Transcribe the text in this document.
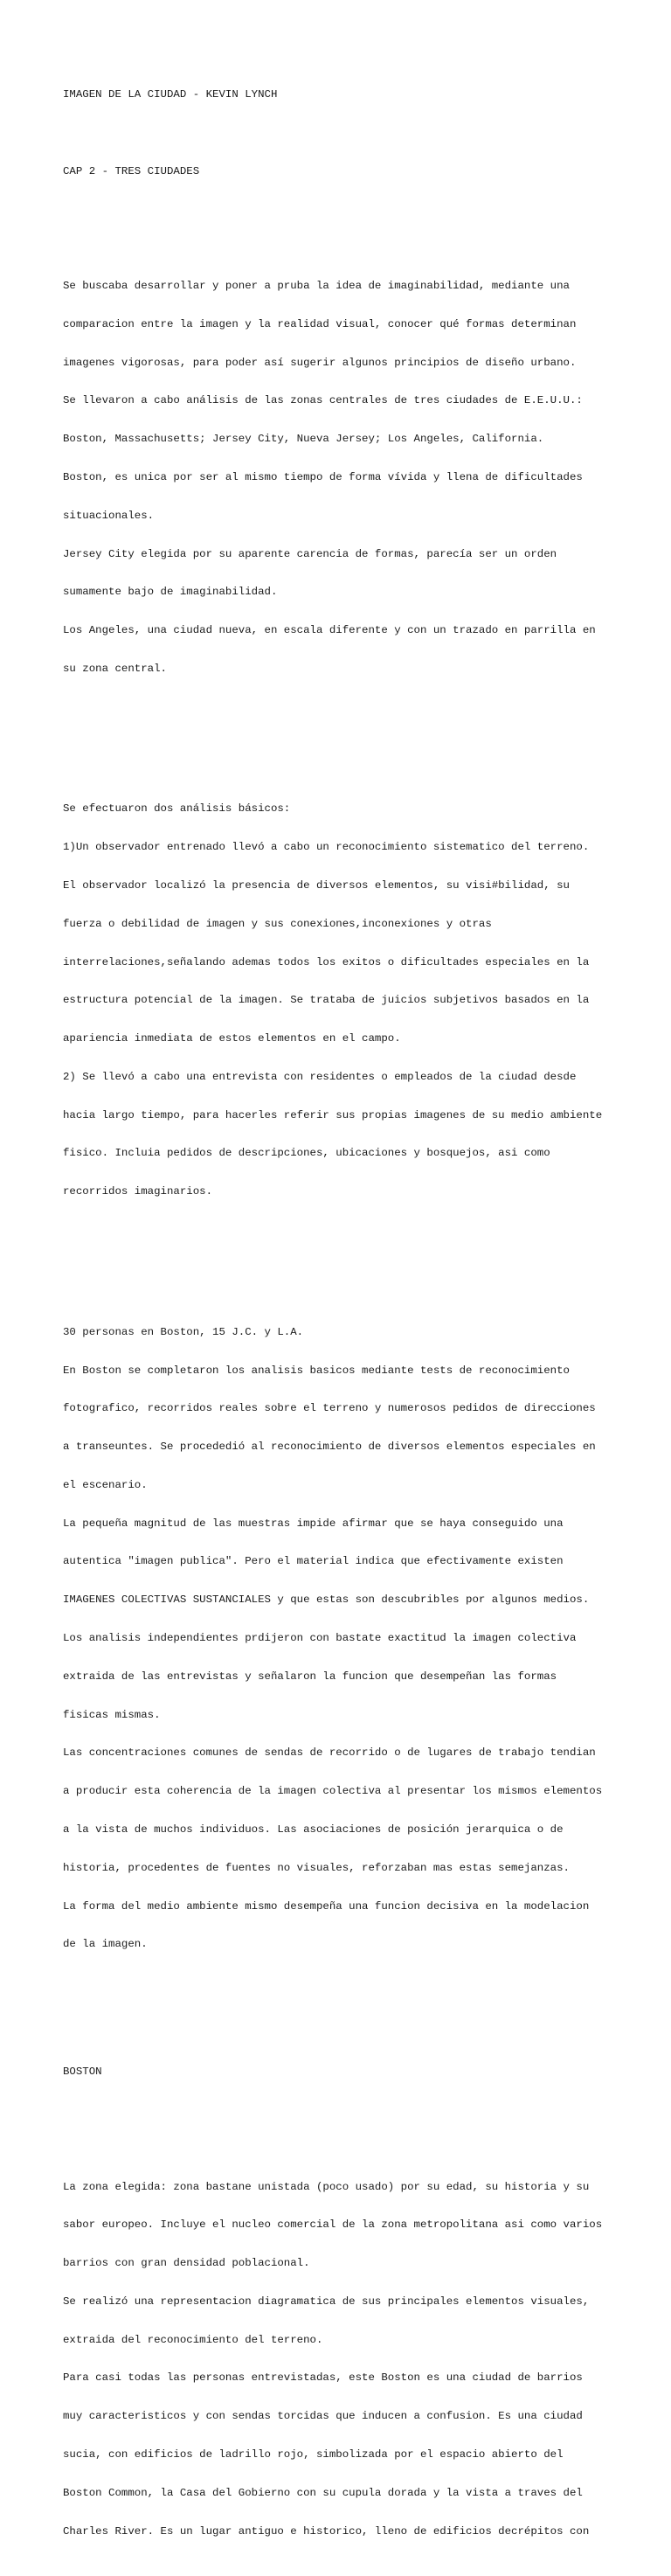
IMAGEN DE LA CIUDAD - KEVIN LYNCH

CAP 2 - TRES CIUDADES

Se buscaba desarrollar y poner a pruba la idea de imaginabilidad, mediante una

comparacion entre la imagen y la realidad visual, conocer qué formas determinan

imagenes vigorosas, para poder así sugerir algunos principios de diseño urbano.

Se llevaron a cabo análisis de las zonas centrales de tres ciudades de E.E.U.U.:

Boston, Massachusetts; Jersey City, Nueva Jersey; Los Angeles, California.

Boston, es unica por ser al mismo tiempo de forma vívida y llena de dificultades

situacionales.

Jersey City elegida por su aparente carencia de formas, parecía ser un orden

sumamente bajo de imaginabilidad.

Los Angeles, una ciudad nueva, en escala diferente y con un trazado en parrilla en

su zona central.

Se efectuaron dos análisis básicos:

1)Un observador entrenado llevó a cabo un reconocimiento sistematico del terreno.

El observador localizó la presencia de diversos elementos, su visi#bilidad, su

fuerza o debilidad de imagen y sus conexiones,inconexiones y otras

interrelaciones,señalando ademas todos los exitos o dificultades especiales en la

estructura potencial de la imagen. Se trataba de juicios subjetivos basados en la

apariencia inmediata de estos elementos en el campo.

2) Se llevó a cabo una entrevista con residentes o empleados de la ciudad desde

hacia largo tiempo, para hacerles referir sus propias imagenes de su medio ambiente

fisico. Incluia pedidos de descripciones, ubicaciones y bosquejos, asi como

recorridos imaginarios.

30 personas en Boston, 15 J.C. y L.A.

En Boston se completaron los analisis basicos mediante tests de reconocimiento

fotografico, recorridos reales sobre el terreno y numerosos pedidos de direcciones

a transeuntes. Se procededió al reconocimiento de diversos elementos especiales en

el escenario.

La pequeña magnitud de las muestras impide afirmar que se haya conseguido una

autentica "imagen publica". Pero el material indica que efectivamente existen

IMAGENES COLECTIVAS SUSTANCIALES y que estas son descubribles por algunos medios.

Los analisis independientes prdijeron con bastate exactitud la imagen colectiva

extraida de las entrevistas y señalaron la funcion que desempeñan las formas

fisicas mismas.

Las concentraciones comunes de sendas de recorrido o de lugares de trabajo tendian

a producir esta coherencia de la imagen colectiva al presentar los mismos elementos

a la vista de muchos individuos. Las asociaciones de posición jerarquica o de

historia, procedentes de fuentes no visuales, reforzaban mas estas semejanzas.

La forma del medio ambiente mismo desempeña una funcion decisiva en la modelacion

de la imagen.

BOSTON

La zona elegida: zona bastane unistada (poco usado) por su edad, su historia y su

sabor europeo. Incluye el nucleo comercial de la zona metropolitana asi como varios

barrios con gran densidad poblacional.

Se realizó una representacion diagramatica de sus principales elementos visuales,

extraida del reconocimiento del terreno.

Para casi todas las personas entrevistadas, este Boston es una ciudad de barrios

muy caracteristicos y con sendas torcidas que inducen a confusion. Es una ciudad

sucia, con edificios de ladrillo rojo, simbolizada por el espacio abierto del

Boston Common, la Casa del Gobierno con su cupula dorada y la vista a traves del

Charles River. Es un lugar antiguo e historico, lleno de edificios decrépitos con
